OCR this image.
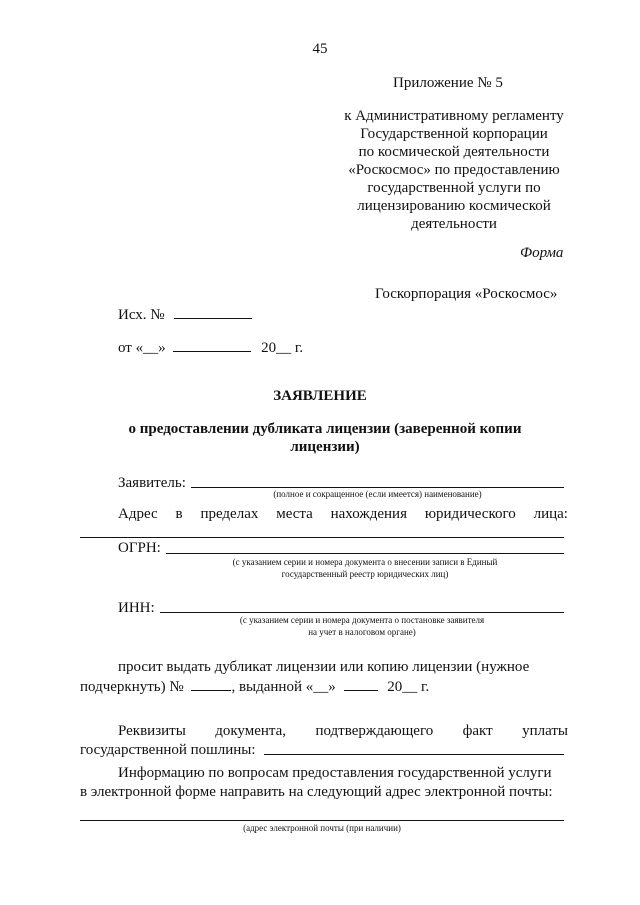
45
Приложение № 5
к Административному регламенту
Государственной корпорации
по космической деятельности
«Роскосмос» по предоставлению
государственной услуги по
лицензированию космической
деятельности
Форма
Госкорпорация «Роскосмос»
Исх. №
от «__»	20__ г.
ЗАЯВЛЕНИЕ
о предоставлении дубликата лицензии (заверенной копии
лицензии)
Заявитель:
(полное и сокращенное (если имеется) наименование)
Адрес в пределах места нахождения юридического лица:
ОГРН:
(с указанием серии и номера документа о внесении записи в Единый
государственный реестр юридических лиц)
ИНН:
(с указанием серии и номера документа о постановке заявителя
на учет в налоговом органе)
просит выдать дубликат лицензии или копию лицензии (нужное
подчеркнуть) №	, выданной «__»	20__ г.
Реквизиты документа, подтверждающего факт уплаты
государственной пошлины:
Информацию по вопросам предоставления государственной услуги
в электронной форме направить на следующий адрес электронной почты:
(адрес электронной почты (при наличии)
